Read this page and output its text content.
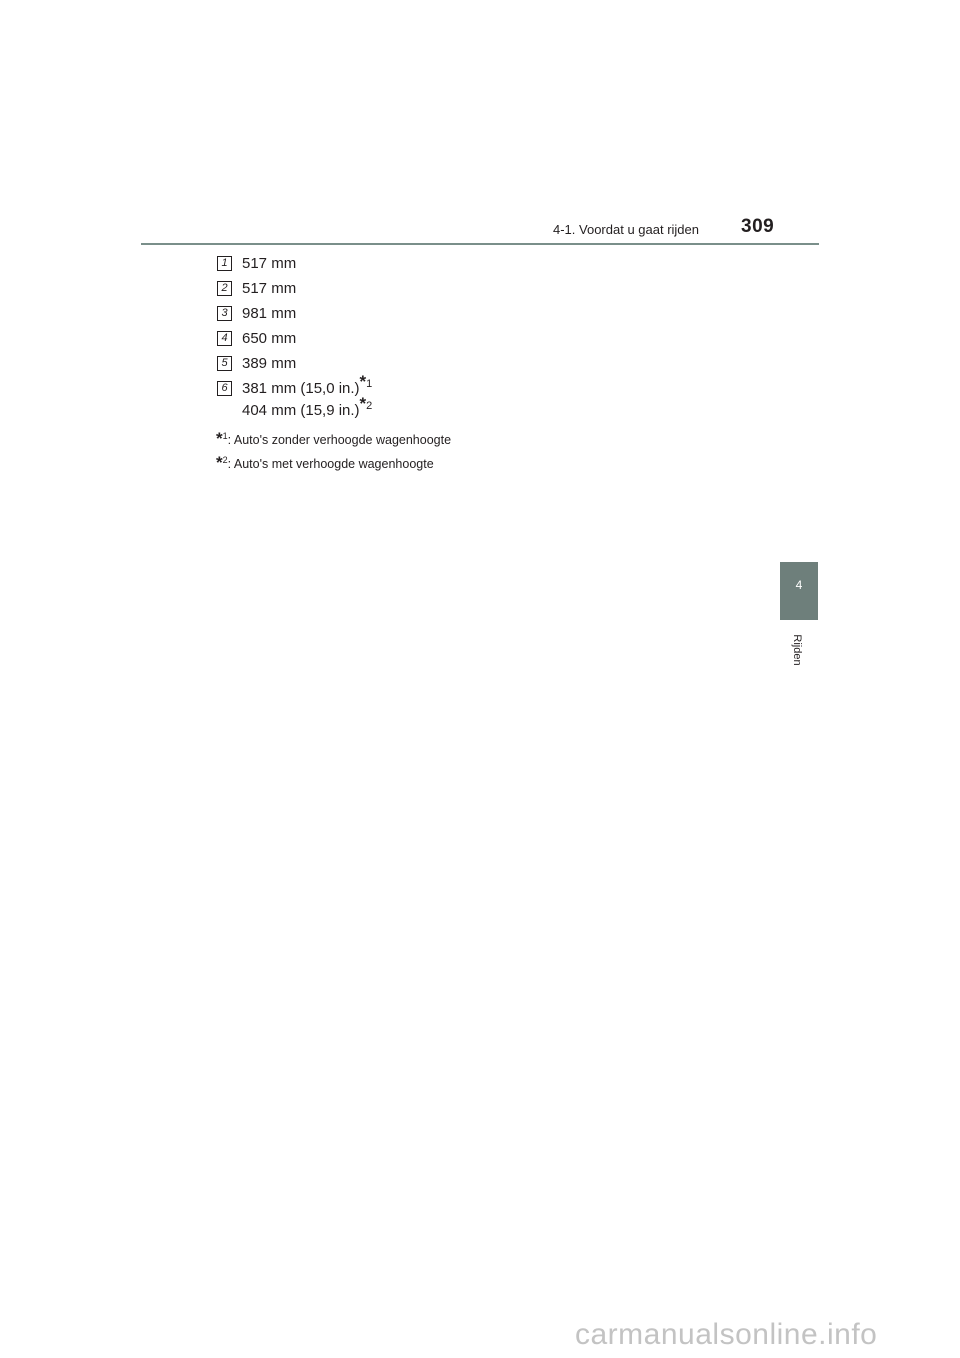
4-1. Voordat u gaat rijden 309
1 517 mm
2 517 mm
3 981 mm
4 650 mm
5 389 mm
6 381 mm (15,0 in.)*$^1$
404 mm (15,9 in.)*$^2$
*$^1$: Auto's zonder verhoogde wagenhoogte
*$^2$: Auto's met verhoogde wagenhoogte
4
Rijden
carmanualsonline.info
